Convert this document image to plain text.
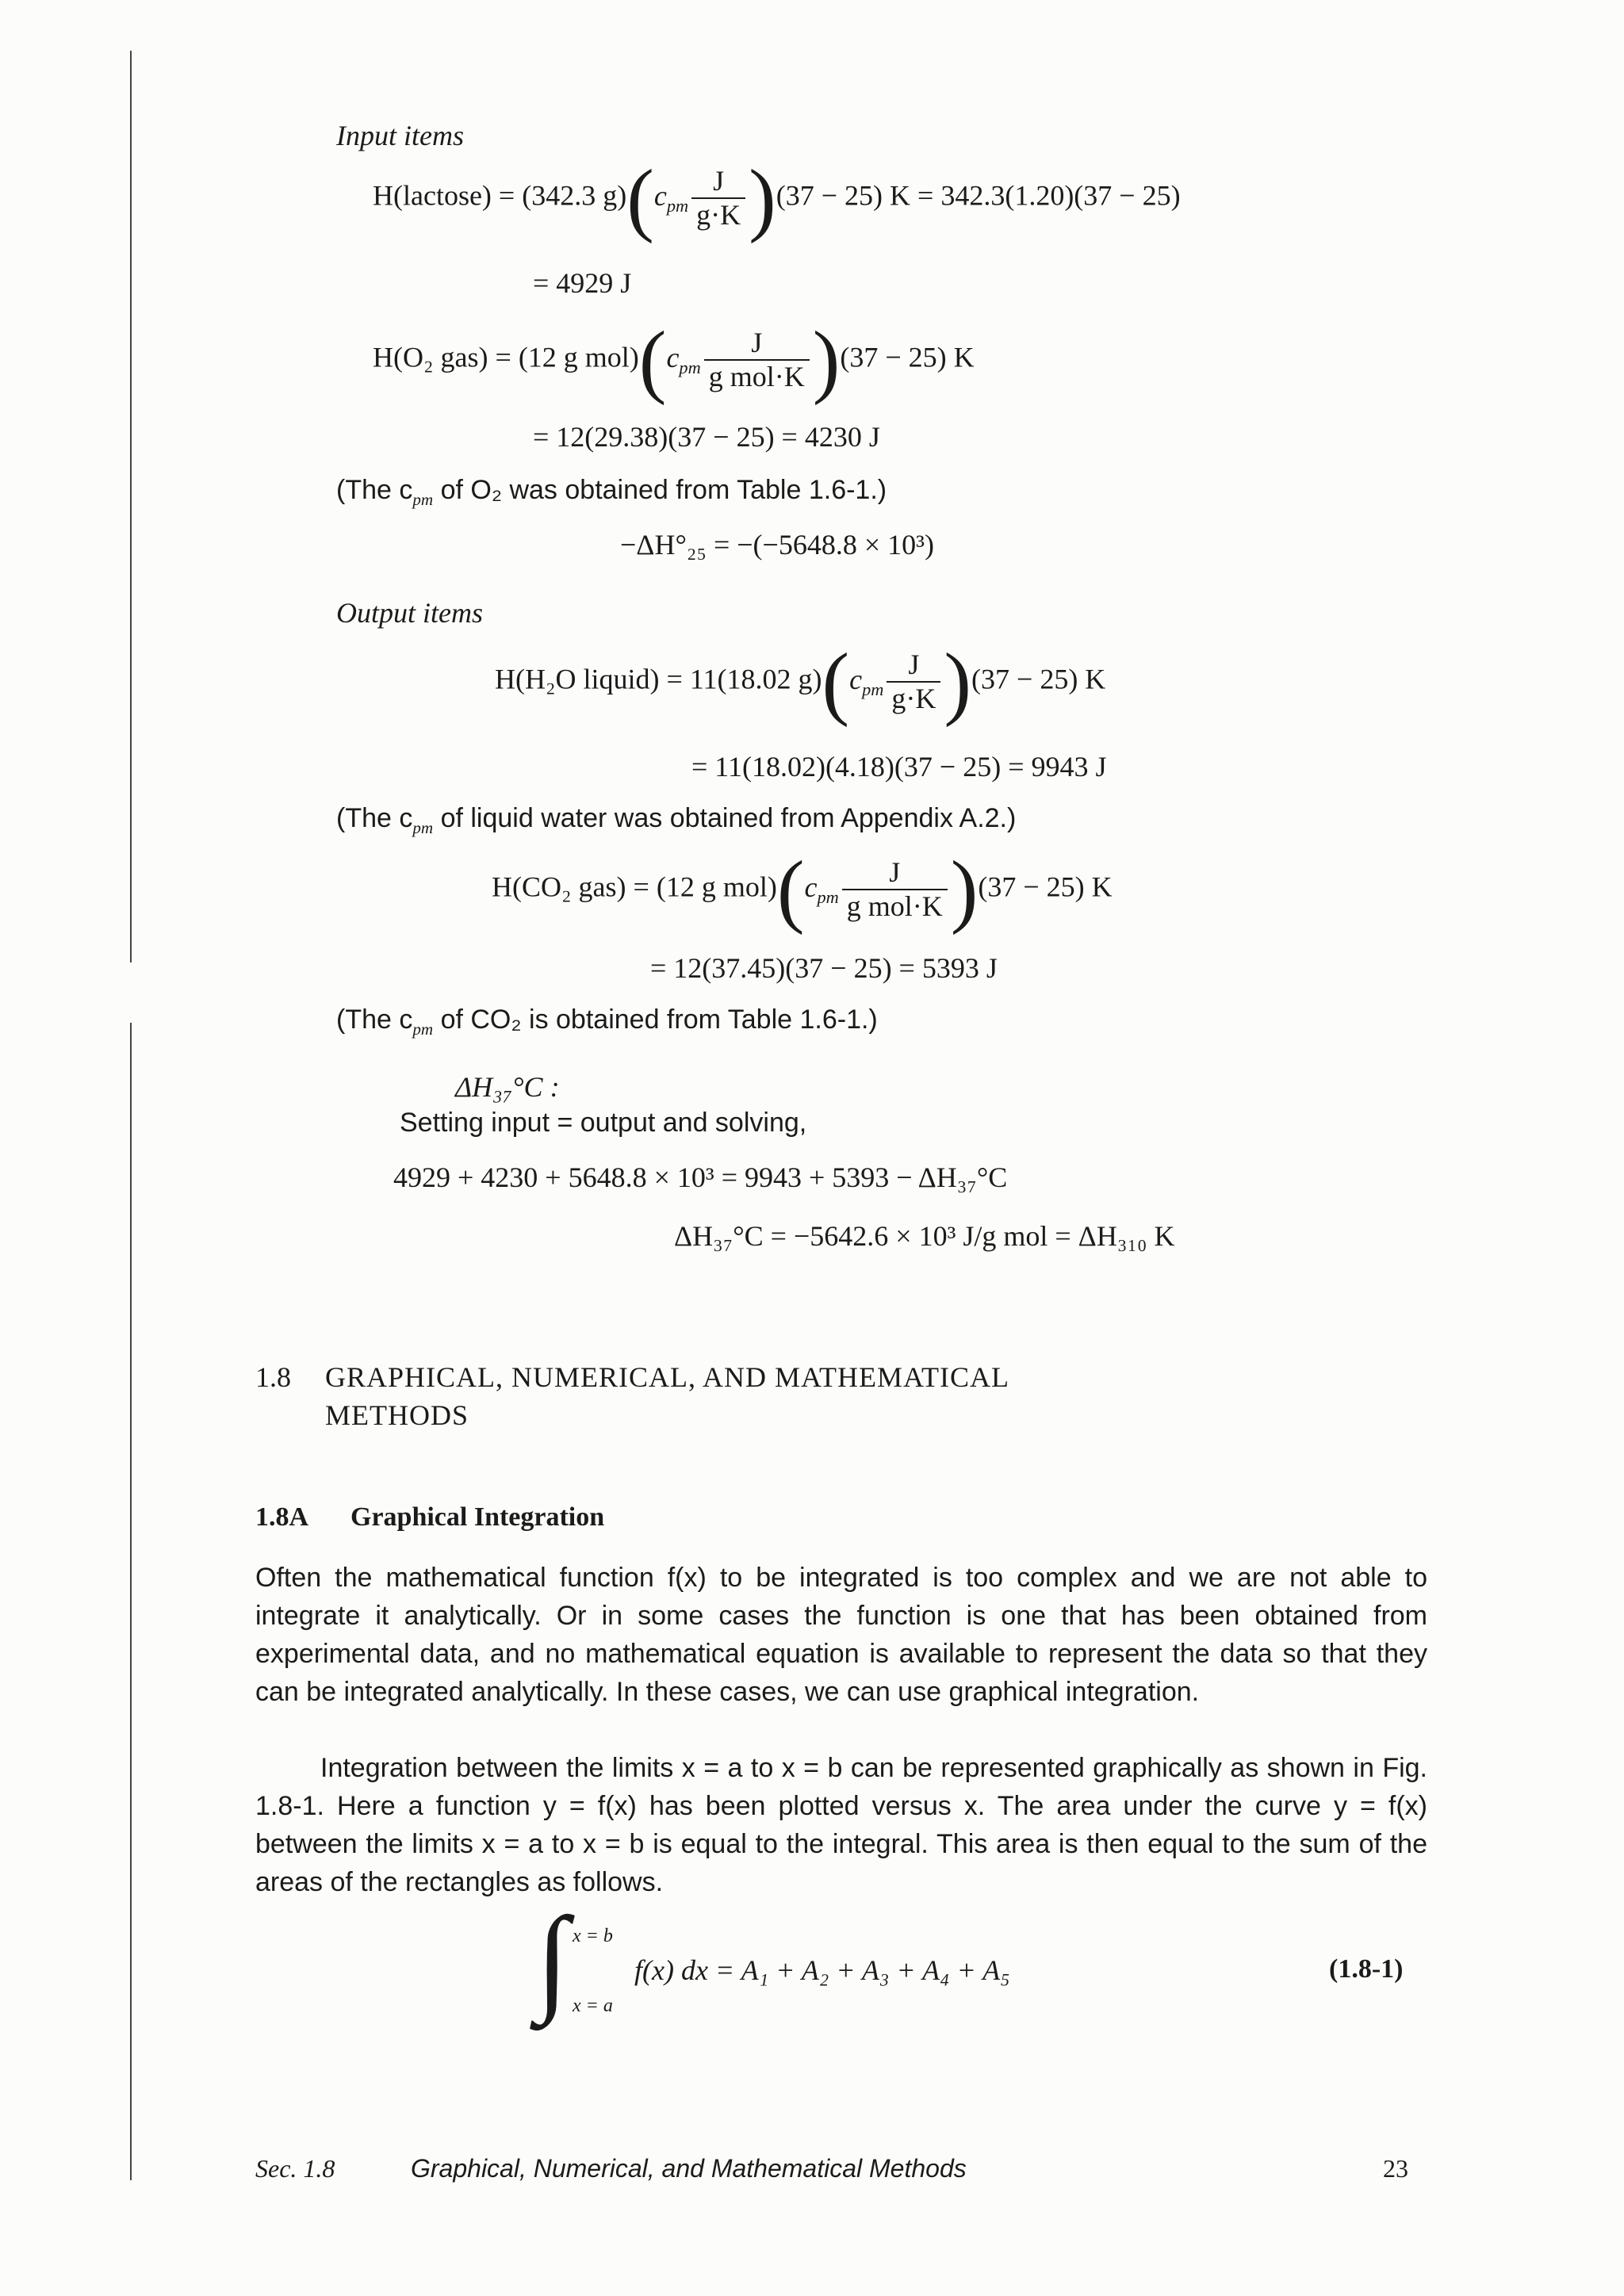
Input items
H(lactose) = (342.3 $g)(c_{pm} \frac{J}{g\cdot K} )(37 - 25)$ K = 342.3(1.20)(37 − 25)
= 4929 J
H(O₂ gas) = (12 g $mol)(c_{pm} \frac{J}{\text{g mol·K}} )(37 - 25)$ K
= 12(29.38)(37 − 25) = 4230 J
(The $c_{pm}$ of O₂ was obtained from Table 1.6-1.)
−ΔH°₂₅ = −(−5648.8 × 10³)
Output items
H(H₂O liquid) = 11(18.02 $g)(c_{pm} \frac{J}{g\cdot K} )(37 - 25)$ K
= 11(18.02)(4.18)(37 − 25) = 9943 J
(The $c_{pm}$ of liquid water was obtained from Appendix A.2.)
H(CO₂ gas) = (12 g $mol)(c_{pm} \frac{J}{\text{g mol·K}} )(37 - 25)$ K
= 12(37.45)(37 − 25) = 5393 J
(The $c_{pm}$ of CO₂ is obtained from Table 1.6-1.)
ΔH₃₇°C :
Setting input = output and solving,
4929 + 4230 + 5648.8 × 10³ = 9943 + 5393 − ΔH₃₇°C
ΔH₃₇°C = −5642.6 × 10³ J/g mol = ΔH₃₁₀ K
1.8 GRAPHICAL, NUMERICAL, AND MATHEMATICAL
METHODS
1.8A Graphical Integration
Often the mathematical function f(x) to be integrated is too complex and we are not able to integrate it analytically. Or in some cases the function is one that has been obtained from experimental data, and no mathematical equation is available to represent the data so that they can be integrated analytically. In these cases, we can use graphical integration.
Integration between the limits x = a to x = b can be represented graphically as shown in Fig. 1.8-1. Here a function y = f(x) has been plotted versus x. The area under the curve y = f(x) between the limits x = a to x = b is equal to the integral. This area is then equal to the sum of the areas of the rectangles as follows.
∫ x = b
x = a
f(x) dx = A₁ + A₂ + A₃ + A₄ + A₅	(1.8-1)
Sec. 1.8	Graphical, Numerical, and Mathematical Methods	23
